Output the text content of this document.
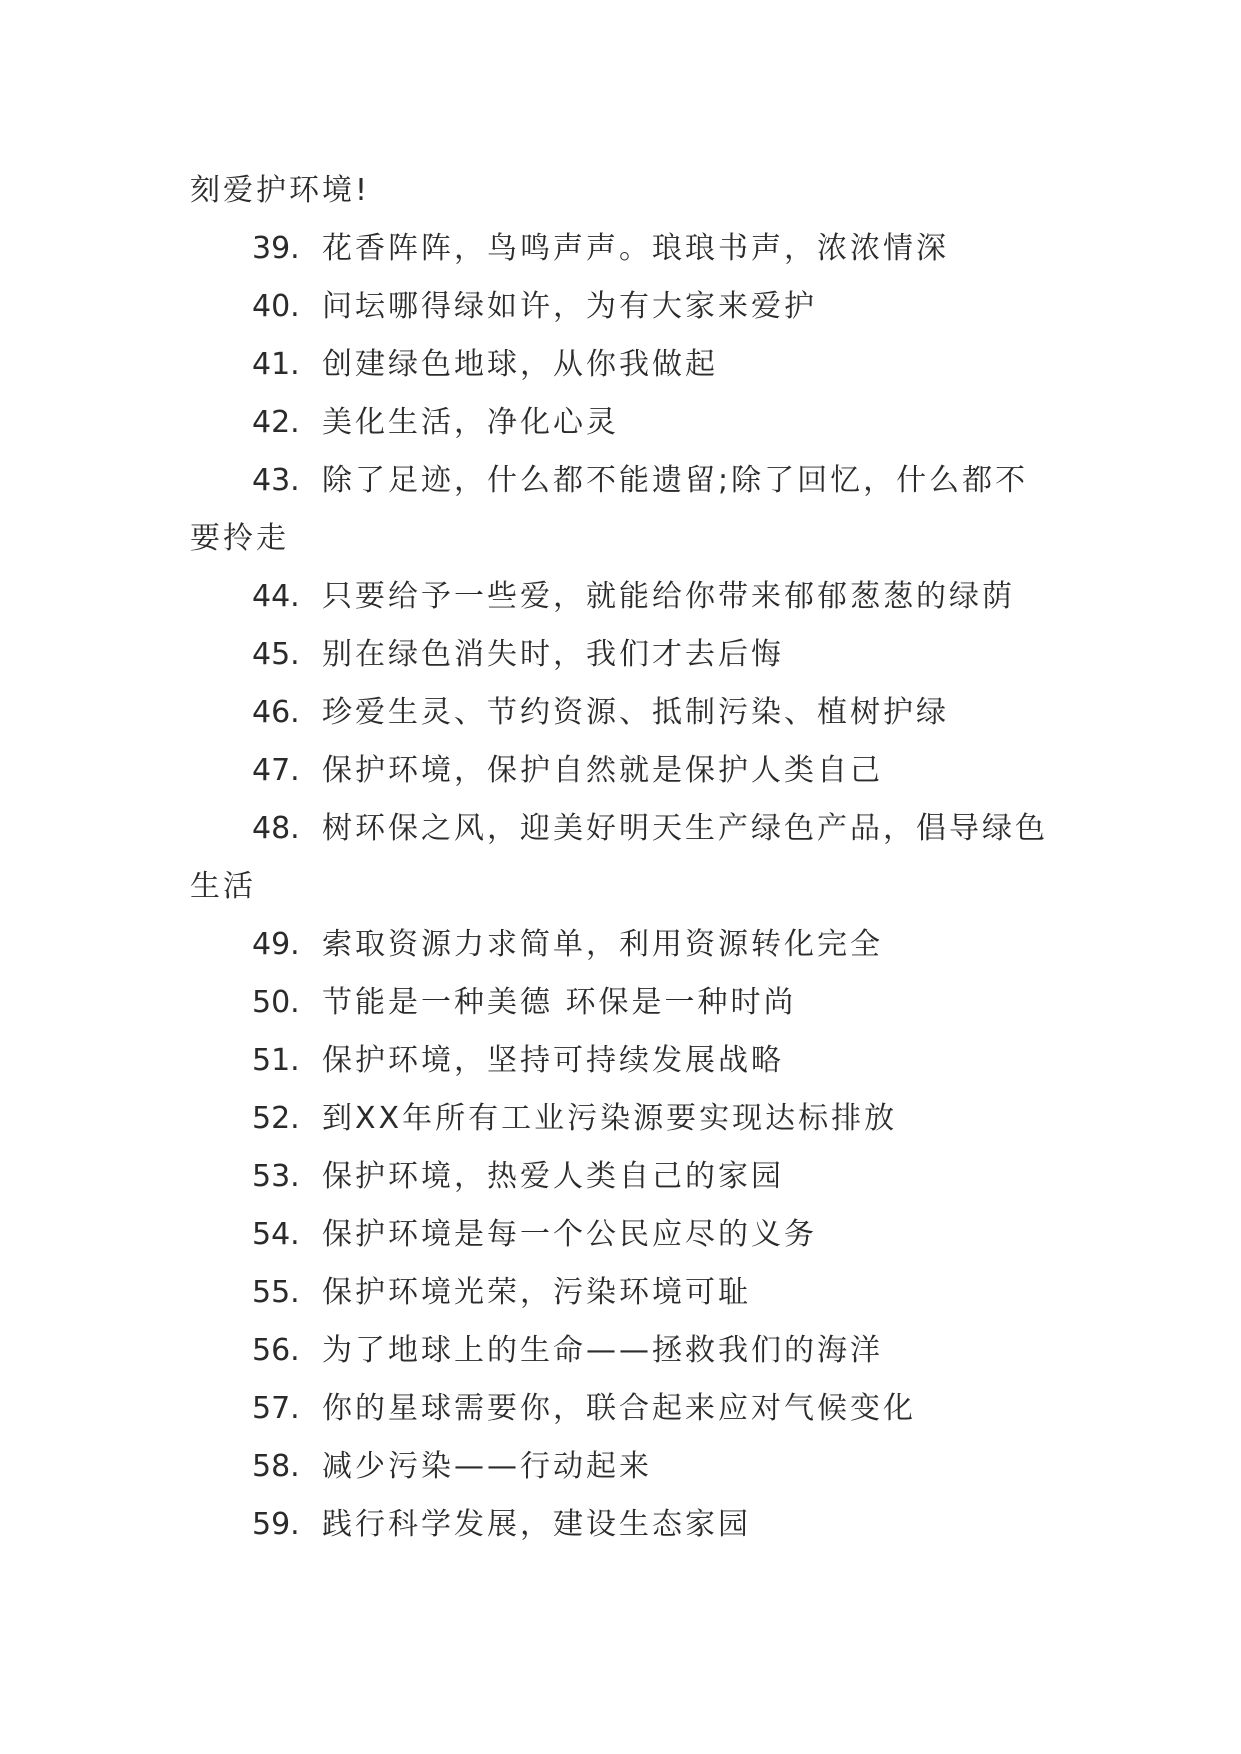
刻爱护环境!
39. 花香阵阵，鸟鸣声声。琅琅书声，浓浓情深
40. 问坛哪得绿如许，为有大家来爱护
41. 创建绿色地球，从你我做起
42. 美化生活，净化心灵
43. 除了足迹，什么都不能遗留;除了回忆，什么都不
要拎走
44. 只要给予一些爱，就能给你带来郁郁葱葱的绿荫
45. 别在绿色消失时，我们才去后悔
46. 珍爱生灵、节约资源、抵制污染、植树护绿
47. 保护环境，保护自然就是保护人类自己
48. 树环保之风，迎美好明天生产绿色产品，倡导绿色
生活
49. 索取资源力求简单，利用资源转化完全
50. 节能是一种美德 环保是一种时尚
51. 保护环境，坚持可持续发展战略
52. 到XX年所有工业污染源要实现达标排放
53. 保护环境，热爱人类自己的家园
54. 保护环境是每一个公民应尽的义务
55. 保护环境光荣，污染环境可耻
56. 为了地球上的生命——拯救我们的海洋
57. 你的星球需要你，联合起来应对气候变化
58. 减少污染——行动起来
59. 践行科学发展，建设生态家园
